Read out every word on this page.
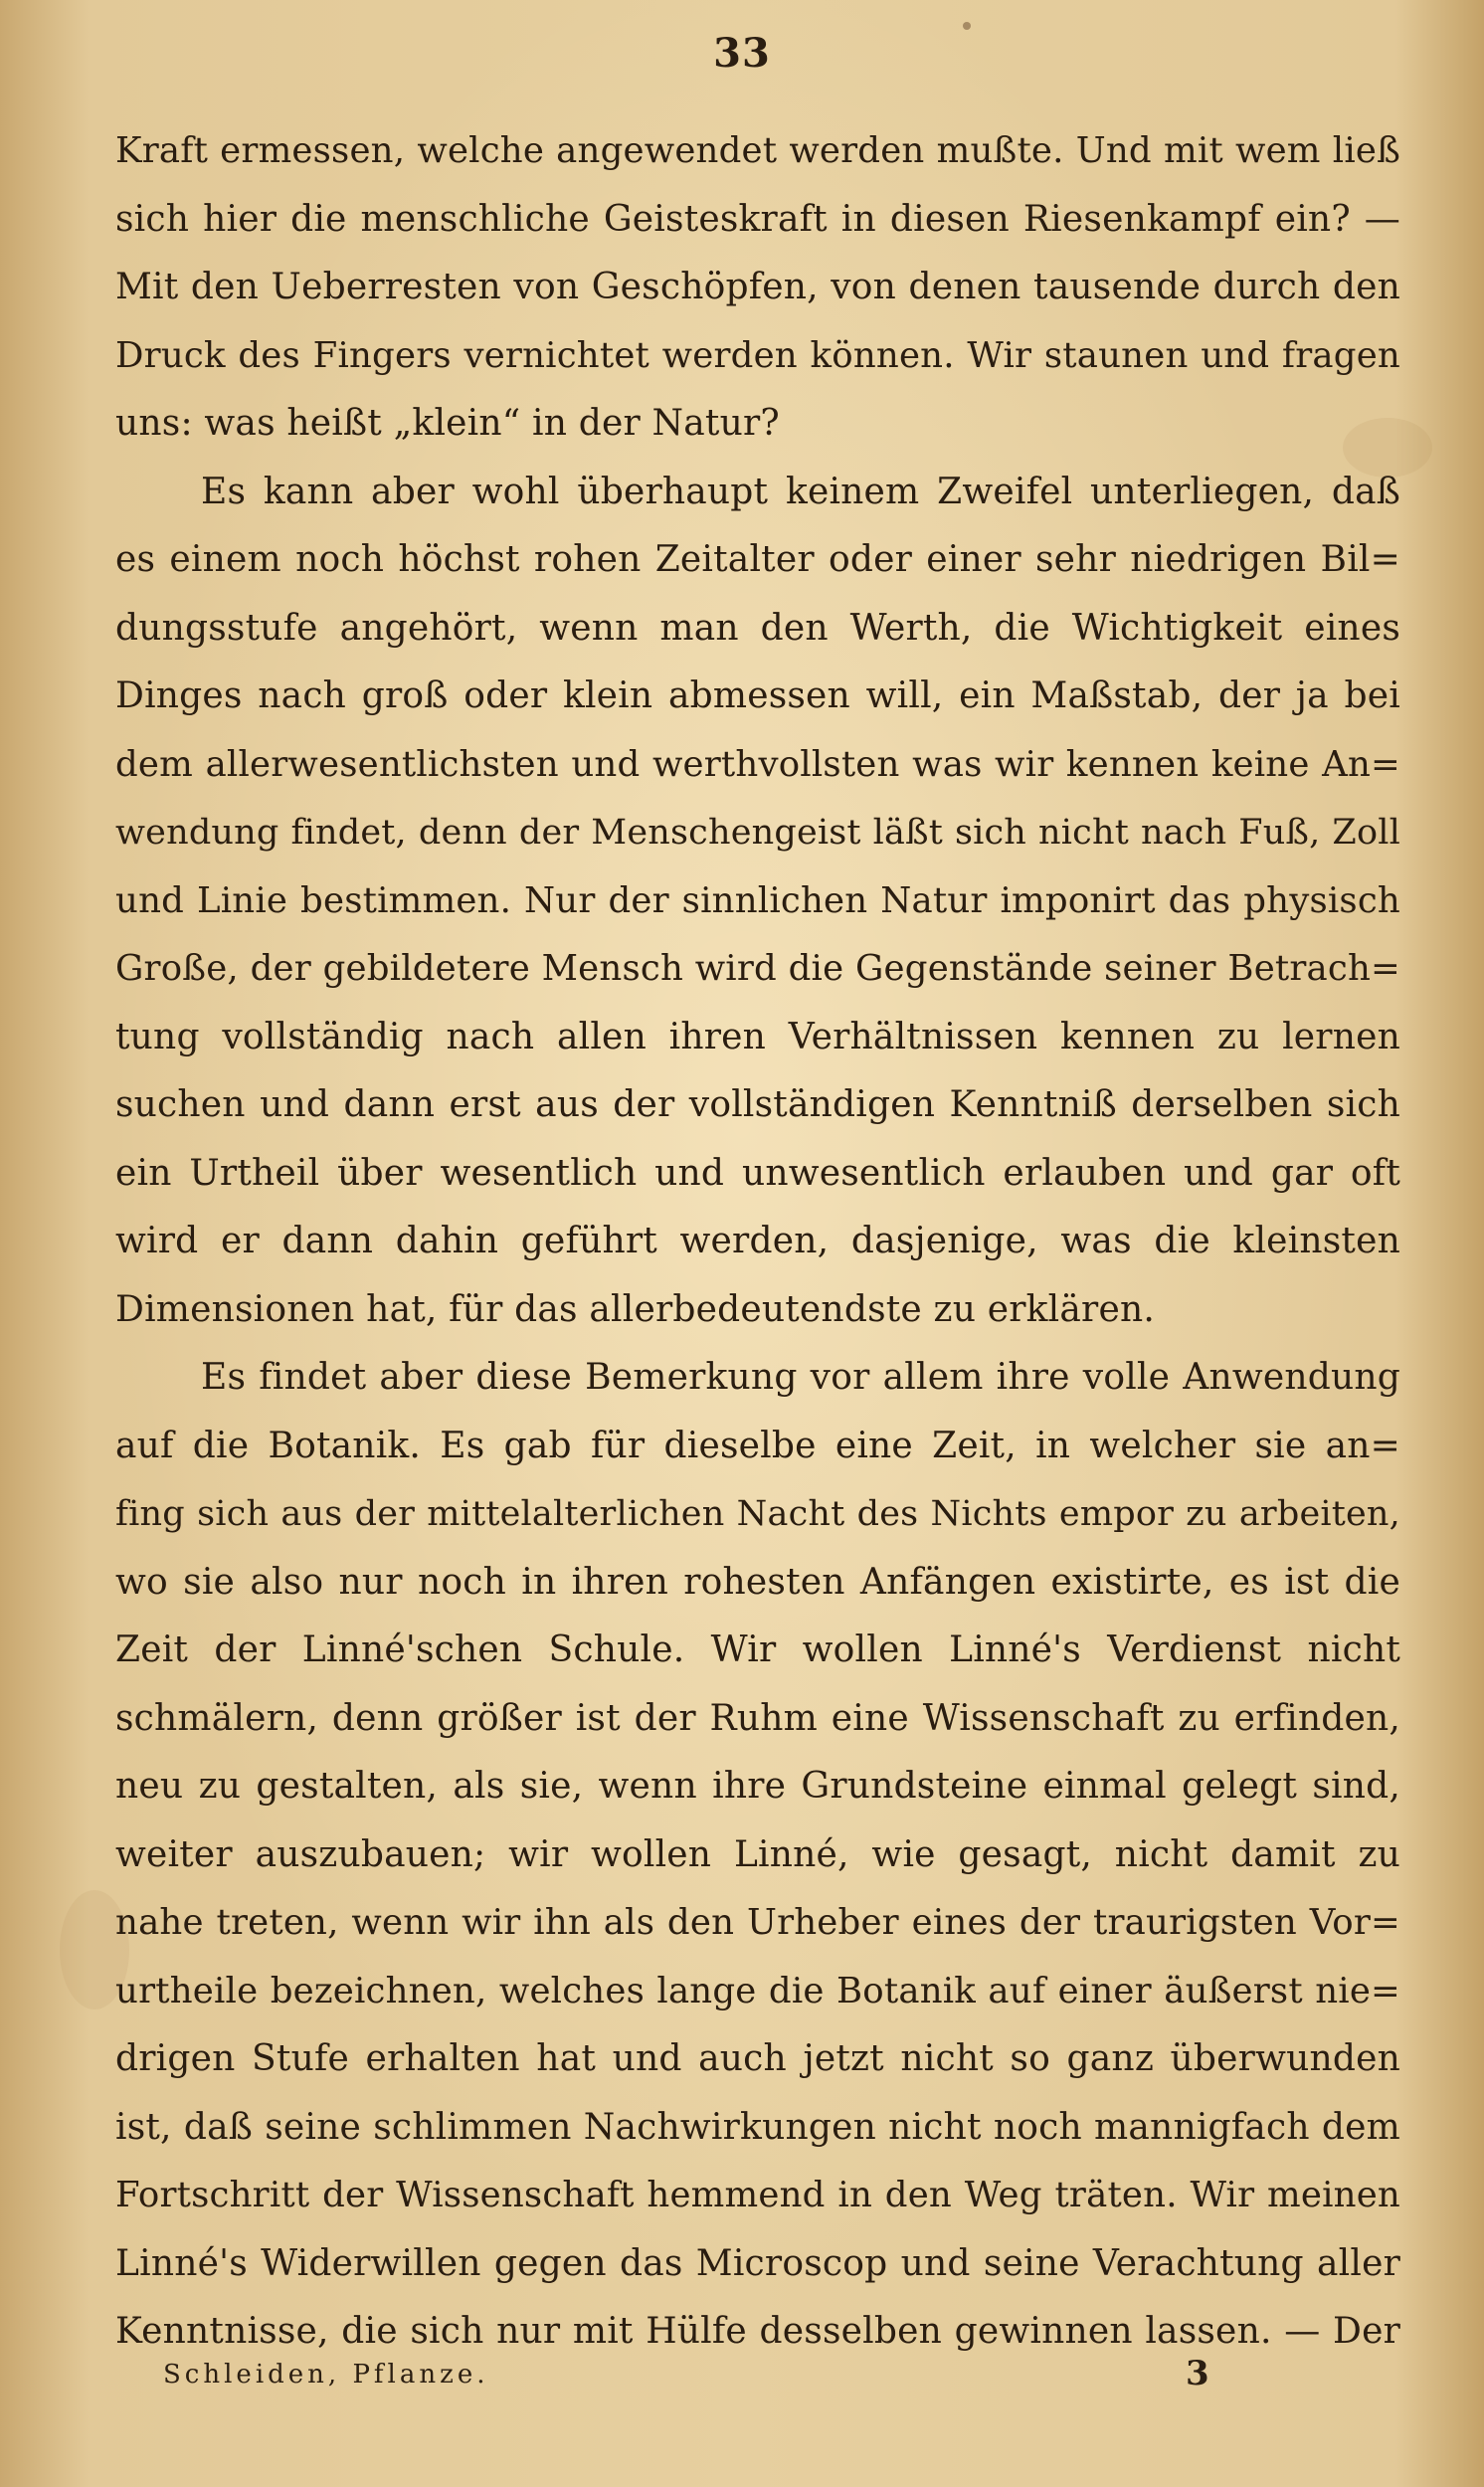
33
Kraft ermessen, welche angewendet werden mußte. Und mit wem ließ
sich hier die menschliche Geisteskraft in diesen Riesenkampf ein? —
Mit den Ueberresten von Geschöpfen, von denen tausende durch den
Druck des Fingers vernichtet werden können. Wir staunen und fragen
uns: was heißt „klein“ in der Natur?
Es kann aber wohl überhaupt keinem Zweifel unterliegen, daß
es einem noch höchst rohen Zeitalter oder einer sehr niedrigen Bil=
dungsstufe angehört, wenn man den Werth, die Wichtigkeit eines
Dinges nach groß oder klein abmessen will, ein Maßstab, der ja bei
dem allerwesentlichsten und werthvollsten was wir kennen keine An=
wendung findet, denn der Menschengeist läßt sich nicht nach Fuß, Zoll
und Linie bestimmen. Nur der sinnlichen Natur imponirt das physisch
Große, der gebildetere Mensch wird die Gegenstände seiner Betrach=
tung vollständig nach allen ihren Verhältnissen kennen zu lernen
suchen und dann erst aus der vollständigen Kenntniß derselben sich
ein Urtheil über wesentlich und unwesentlich erlauben und gar oft
wird er dann dahin geführt werden, dasjenige, was die kleinsten
Dimensionen hat, für das allerbedeutendste zu erklären.
Es findet aber diese Bemerkung vor allem ihre volle Anwendung
auf die Botanik. Es gab für dieselbe eine Zeit, in welcher sie an=
fing sich aus der mittelalterlichen Nacht des Nichts empor zu arbeiten,
wo sie also nur noch in ihren rohesten Anfängen existirte, es ist die
Zeit der Linné'schen Schule. Wir wollen Linné's Verdienst nicht
schmälern, denn größer ist der Ruhm eine Wissenschaft zu erfinden,
neu zu gestalten, als sie, wenn ihre Grundsteine einmal gelegt sind,
weiter auszubauen; wir wollen Linné, wie gesagt, nicht damit zu
nahe treten, wenn wir ihn als den Urheber eines der traurigsten Vor=
urtheile bezeichnen, welches lange die Botanik auf einer äußerst nie=
drigen Stufe erhalten hat und auch jetzt nicht so ganz überwunden
ist, daß seine schlimmen Nachwirkungen nicht noch mannigfach dem
Fortschritt der Wissenschaft hemmend in den Weg träten. Wir meinen
Linné's Widerwillen gegen das Microscop und seine Verachtung aller
Kenntnisse, die sich nur mit Hülfe desselben gewinnen lassen. — Der
Schleiden, Pflanze.	3
